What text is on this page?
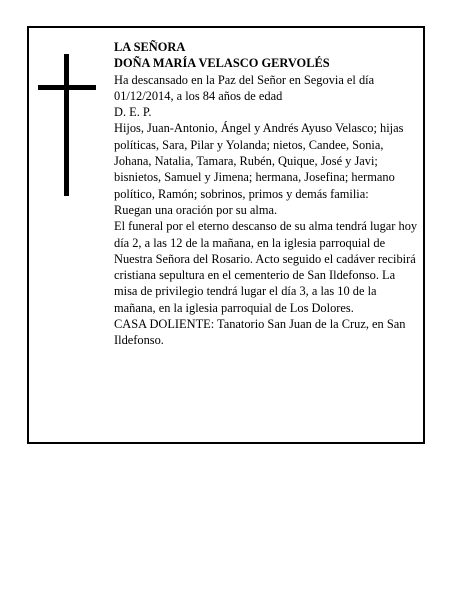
LA SEÑORA

DOÑA MARÍA VELASCO GERVOLÉS

Ha descansado en la Paz del Señor en Segovia el día 01/12/2014, a los 84 años de edad

D. E. P.

Hijos, Juan-Antonio, Ángel y Andrés Ayuso Velasco; hijas políticas, Sara, Pilar y Yolanda; nietos, Candee, Sonia, Johana, Natalia, Tamara, Rubén, Quique, José y Javi; bisnietos, Samuel y Jimena; hermana, Josefina; hermano político, Ramón; sobrinos, primos y demás familia:

Ruegan una oración por su alma.

El funeral por el eterno descanso de su alma tendrá lugar hoy día 2, a las 12 de la mañana, en la iglesia parroquial de Nuestra Señora del Rosario. Acto seguido el cadáver recibirá cristiana sepultura en el cementerio de San Ildefonso. La misa de privilegio tendrá lugar el día 3, a las 10 de la mañana, en la iglesia parroquial de Los Dolores.

CASA DOLIENTE: Tanatorio San Juan de la Cruz, en San Ildefonso.
